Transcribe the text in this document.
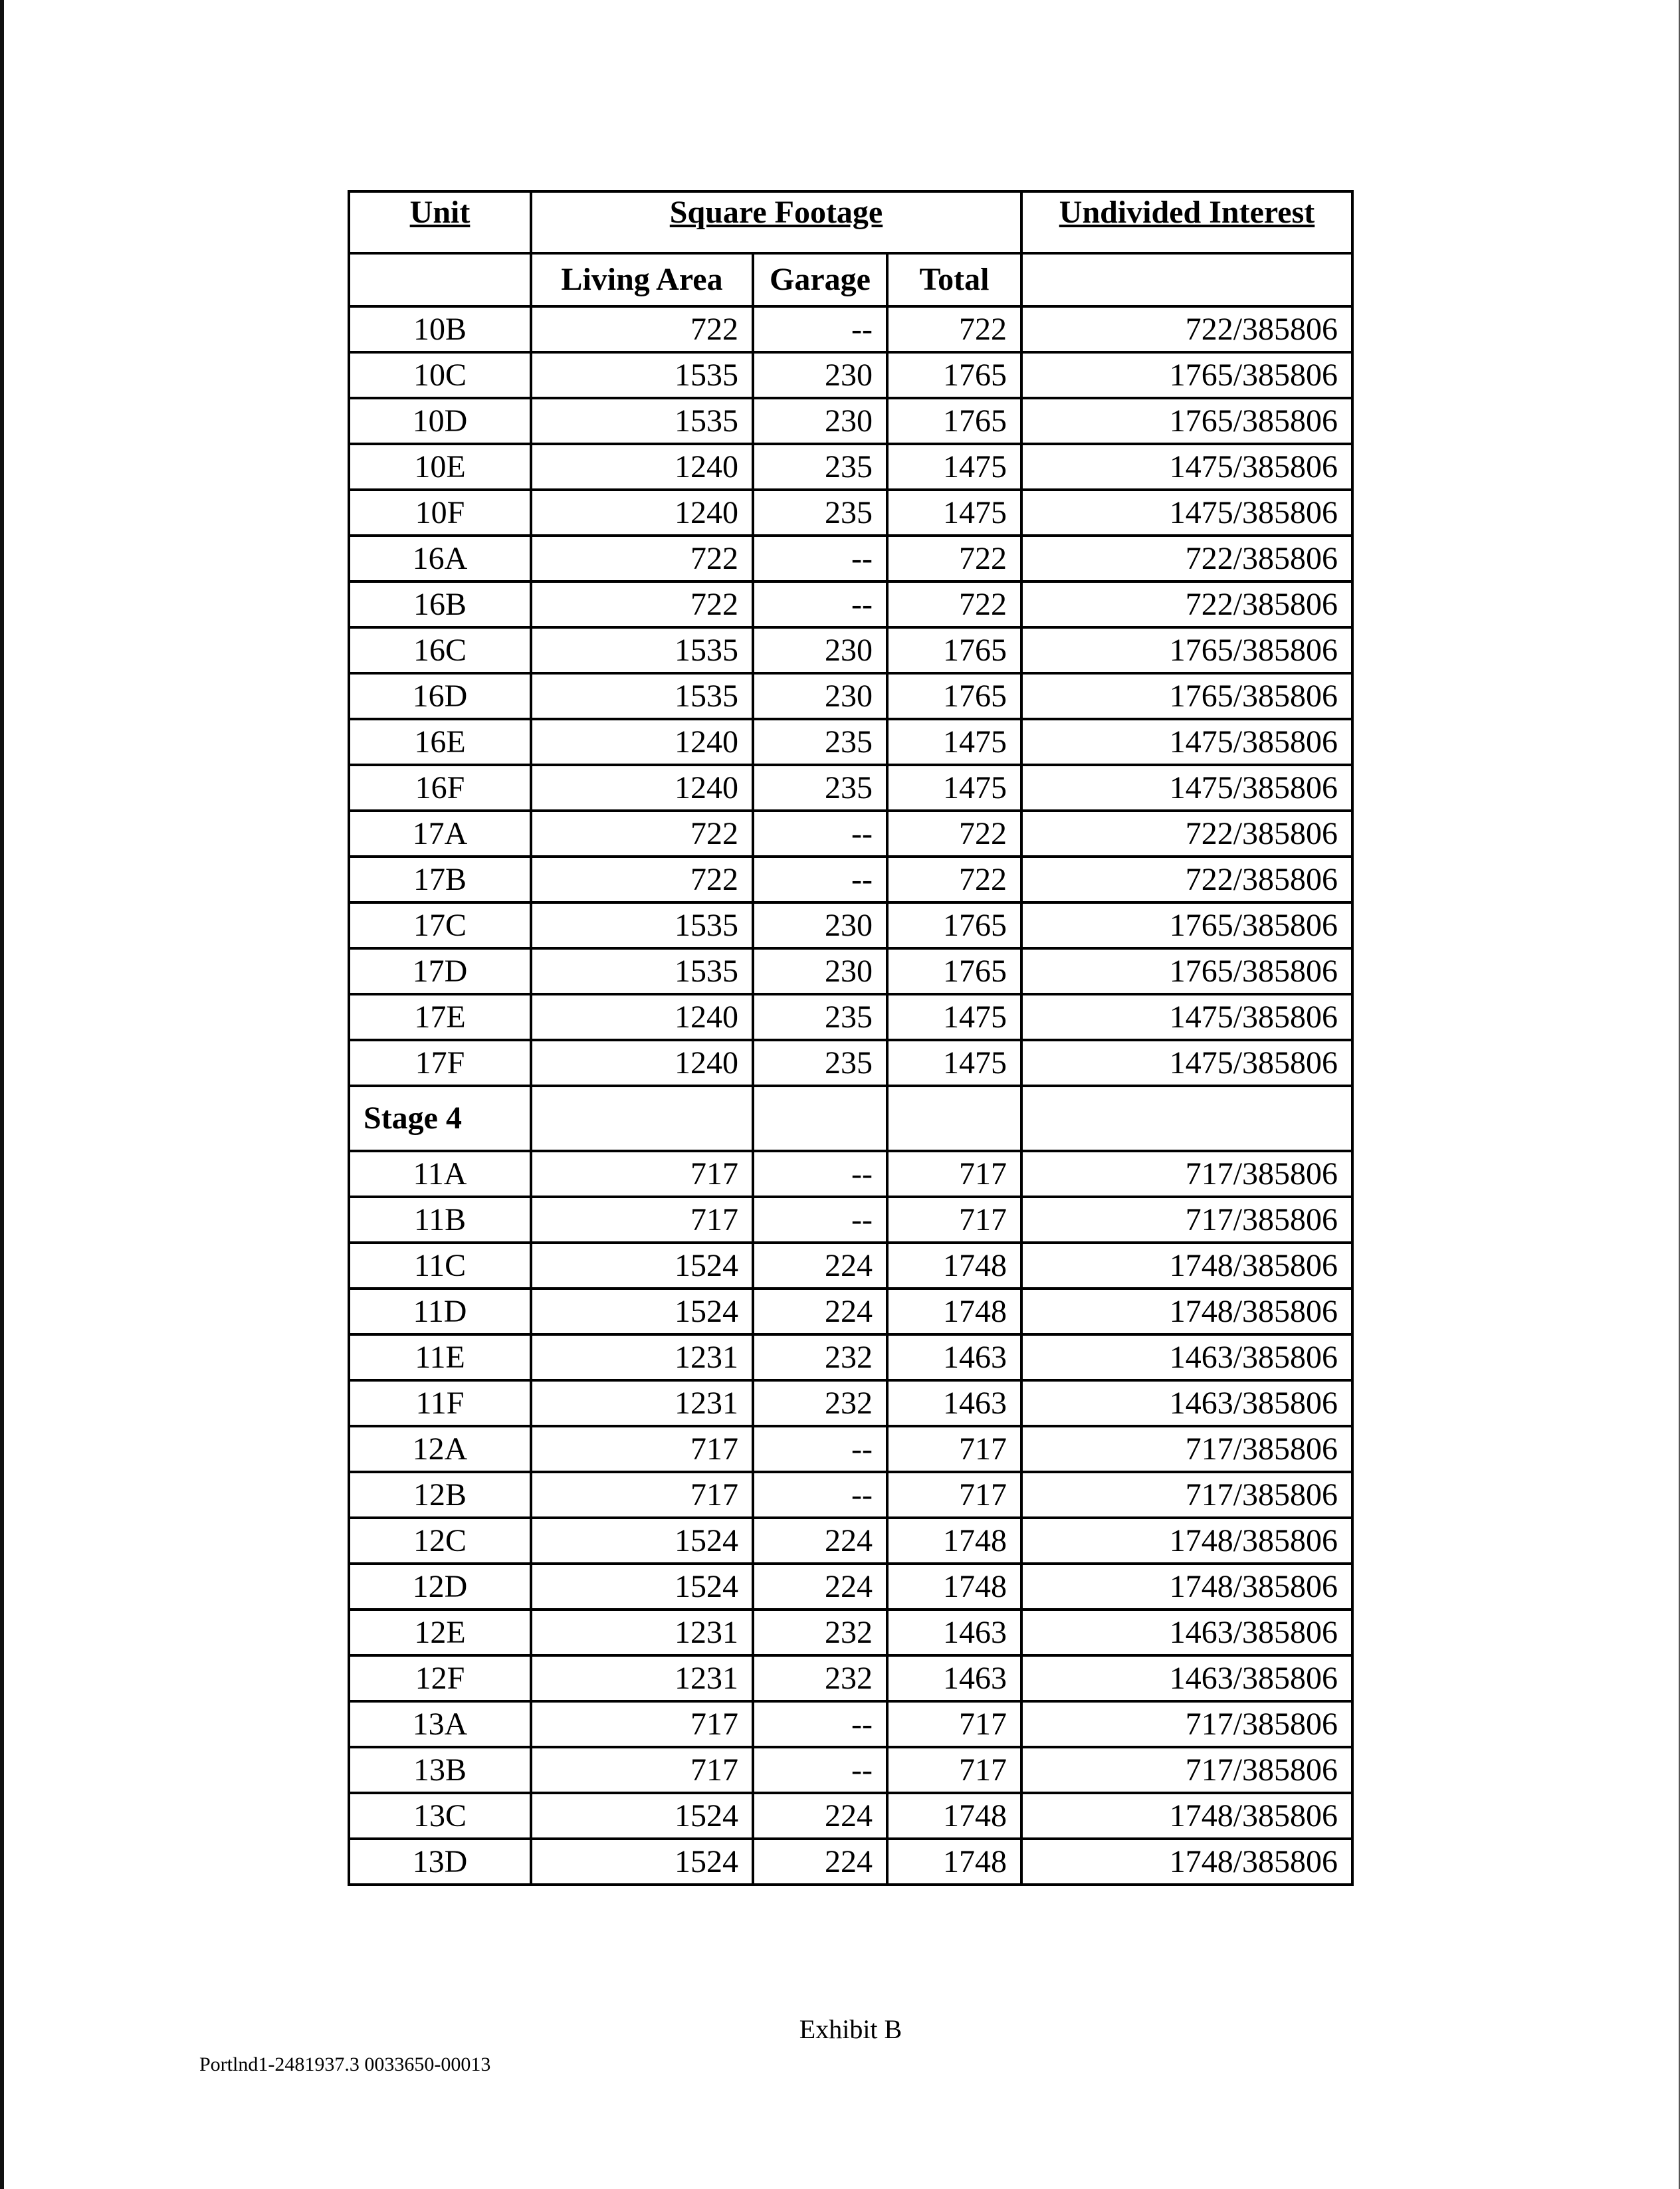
Unit	Square Footage			Undivided Interest
	Living Area	Garage	Total	
10B	722	--	722	722/385806
10C	1535	230	1765	1765/385806
10D	1535	230	1765	1765/385806
10E	1240	235	1475	1475/385806
10F	1240	235	1475	1475/385806
16A	722	--	722	722/385806
16B	722	--	722	722/385806
16C	1535	230	1765	1765/385806
16D	1535	230	1765	1765/385806
16E	1240	235	1475	1475/385806
16F	1240	235	1475	1475/385806
17A	722	--	722	722/385806
17B	722	--	722	722/385806
17C	1535	230	1765	1765/385806
17D	1535	230	1765	1765/385806
17E	1240	235	1475	1475/385806
17F	1240	235	1475	1475/385806
Stage 4				
11A	717	--	717	717/385806
11B	717	--	717	717/385806
11C	1524	224	1748	1748/385806
11D	1524	224	1748	1748/385806
11E	1231	232	1463	1463/385806
11F	1231	232	1463	1463/385806
12A	717	--	717	717/385806
12B	717	--	717	717/385806
12C	1524	224	1748	1748/385806
12D	1524	224	1748	1748/385806
12E	1231	232	1463	1463/385806
12F	1231	232	1463	1463/385806
13A	717	--	717	717/385806
13B	717	--	717	717/385806
13C	1524	224	1748	1748/385806
13D	1524	224	1748	1748/385806
Exhibit B
Portlnd1-2481937.3 0033650-00013
